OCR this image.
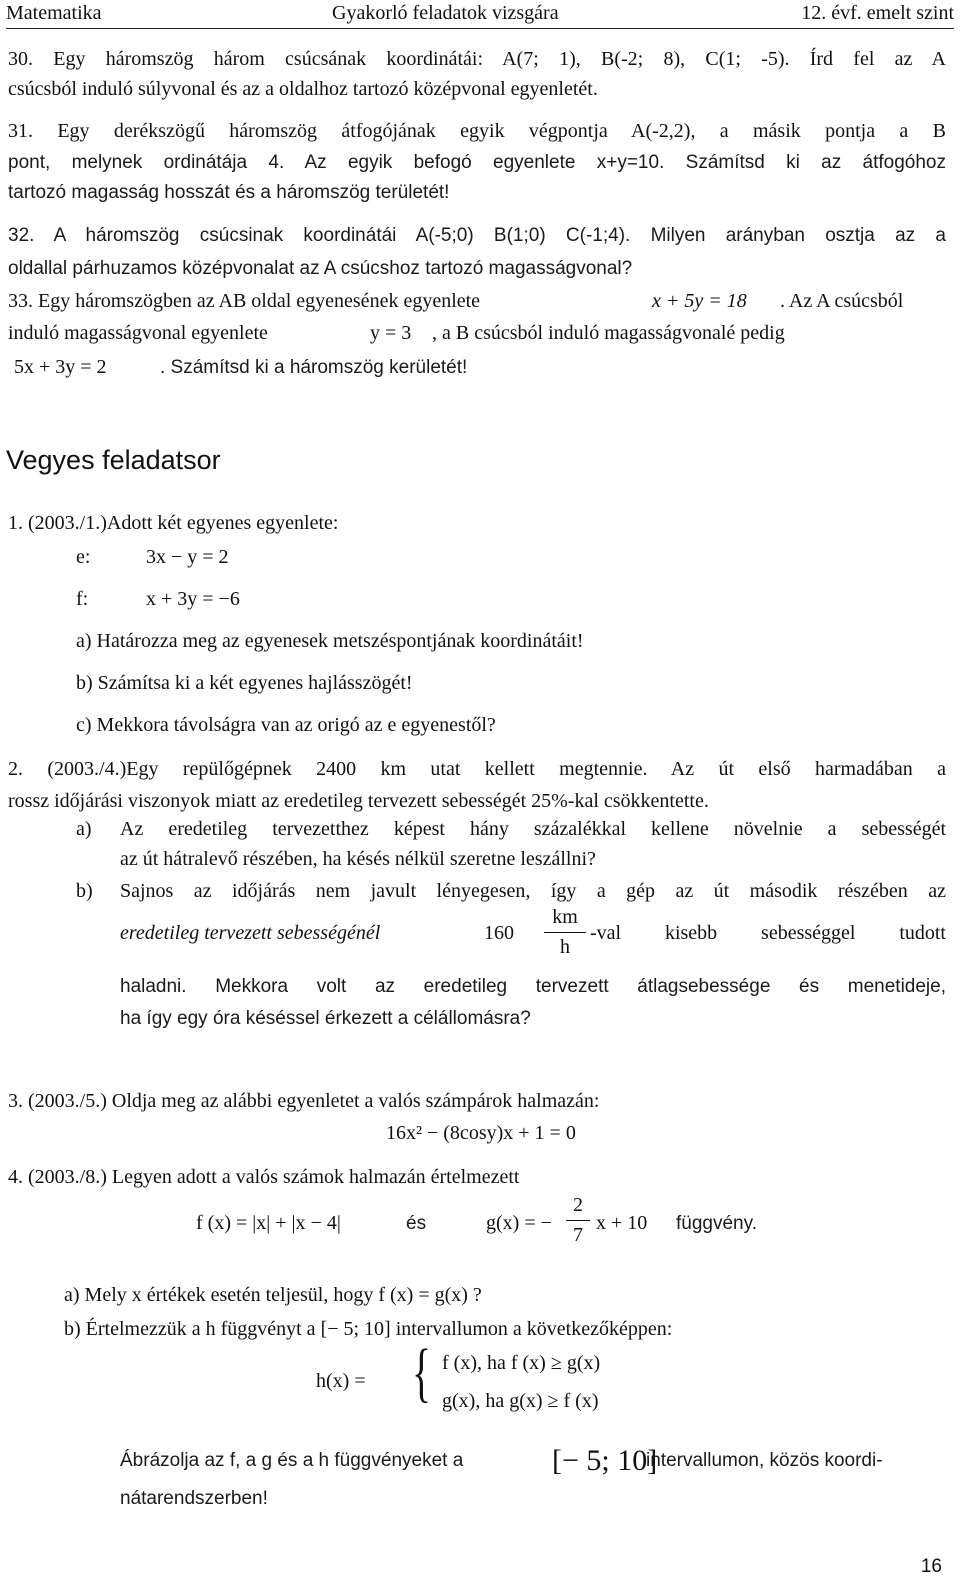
Matematika	Gyakorló feladatok vizsgára	12. évf. emelt szint
30. Egy háromszög három csúcsának koordinátái: A(7; 1), B(-2; 8), C(1; -5). Írd fel az A
csúcsból induló súlyvonal és az a oldalhoz tartozó középvonal egyenletét.
31. Egy derékszögű háromszög átfogójának egyik végpontja A(-2,2), a másik pontja a B
pont, melynek ordinátája 4. Az egyik befogó egyenlete x+y=10. Számítsd ki az átfogóhoz
tartozó magasság hosszát és a háromszög területét!
32. A háromszög csúcsinak koordinátái A(-5;0) B(1;0) C(-1;4). Milyen arányban osztja az a
oldallal párhuzamos középvonalat az A csúcshoz tartozó magasságvonal?
33. Egy háromszögben az AB oldal egyenesének egyenlete	x + 5y = 18 . Az A csúcsból
induló magasságvonal egyenlete	y = 3 , a B csúcsból induló magasságvonalé pedig
5x + 3y = 2	. Számítsd ki a háromszög kerületét!
Vegyes feladatsor
1. (2003./1.)Adott két egyenes egyenlete:
e:	3x − y = 2
f:	x + 3y = −6
a) Határozza meg az egyenesek metszéspontjának koordinátáit!
b) Számítsa ki a két egyenes hajlásszögét!
c) Mekkora távolságra van az origó az e egyenestől?
2. (2003./4.)Egy repülőgépnek 2400 km utat kellett megtennie. Az út első harmadában a
rossz időjárási viszonyok miatt az eredetileg tervezett sebességét 25%-kal csökkentette.
a) Az eredetileg tervezetthez képest hány százalékkal kellene növelnie a sebességét
az út hátralevő részében, ha késés nélkül szeretne leszállni?
b) Sajnos az időjárás nem javult lényegesen, így a gép az út második részében az
eredetileg tervezett sebességénél	160
km
h
-val kisebb sebességgel tudott
haladni. Mekkora volt az eredetileg tervezett átlagsebessége és menetideje,
ha így egy óra késéssel érkezett a célállomásra?
3. (2003./5.) Oldja meg az alábbi egyenletet a valós számpárok halmazán:
16x² − (8cosy)x + 1 = 0
4. (2003./8.) Legyen adott a valós számok halmazán értelmezett
f (x) = |x| + |x − 4|	és	g(x) = −
2
7
x + 10 függvény.
a) Mely x értékek esetén teljesül, hogy f (x) = g(x) ?
b) Értelmezzük a h függvényt a [− 5; 10] intervallumon a következőképpen:
h(x) = { f (x), ha f (x) ≥ g(x)
g(x), ha g(x) ≥ f (x)
Ábrázolja az f, a g és a h függvényeket a	[− 5; 10]
intervallumon, közös koordi-
nátarendszerben!
16
